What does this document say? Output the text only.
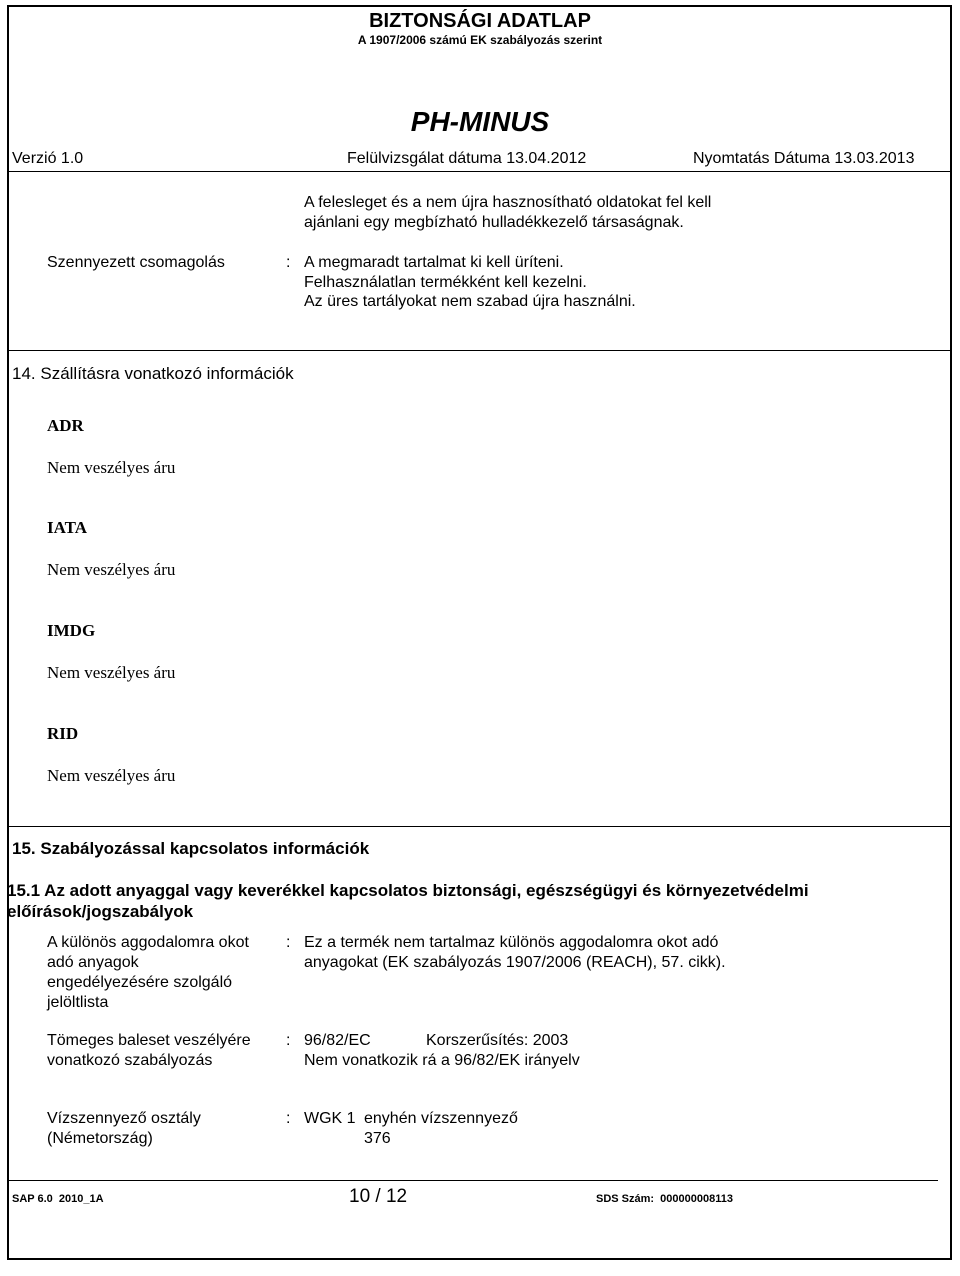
BIZTONSÁGI ADATLAP
A 1907/2006 számú EK szabályozás szerint
PH-MINUS
Verzió 1.0	Felülvizsgálat dátuma 13.04.2012	Nyomtatás Dátuma 13.03.2013
A felesleget és a nem újra hasznosítható oldatokat fel kell
ajánlani egy megbízható hulladékkezelő társaságnak.
Szennyezett csomagolás	: A megmaradt tartalmat ki kell üríteni.
Felhasználatlan termékként kell kezelni.
Az üres tartályokat nem szabad újra használni.
14. Szállításra vonatkozó információk
ADR
Nem veszélyes áru
IATA
Nem veszélyes áru
IMDG
Nem veszélyes áru
RID
Nem veszélyes áru
15. Szabályozással kapcsolatos információk
15.1 Az adott anyaggal vagy keverékkel kapcsolatos biztonsági, egészségügyi és környezetvédelmi
előírások/jogszabályok
A különös aggodalomra okot
adó anyagok
engedélyezésére szolgáló
jelöltlista
: Ez a termék nem tartalmaz különös aggodalomra okot adó
anyagokat (EK szabályozás 1907/2006 (REACH), 57. cikk).
Tömeges baleset veszélyére
vonatkozó szabályozás
: 96/82/EC	Korszerűsítés: 2003
Nem vonatkozik rá a 96/82/EK irányelv
Vízszennyező osztály
(Németország)
: WGK 1 enyhén vízszennyező
376
SAP 6.0  2010_1A	10 / 12	SDS Szám:  000000008113
